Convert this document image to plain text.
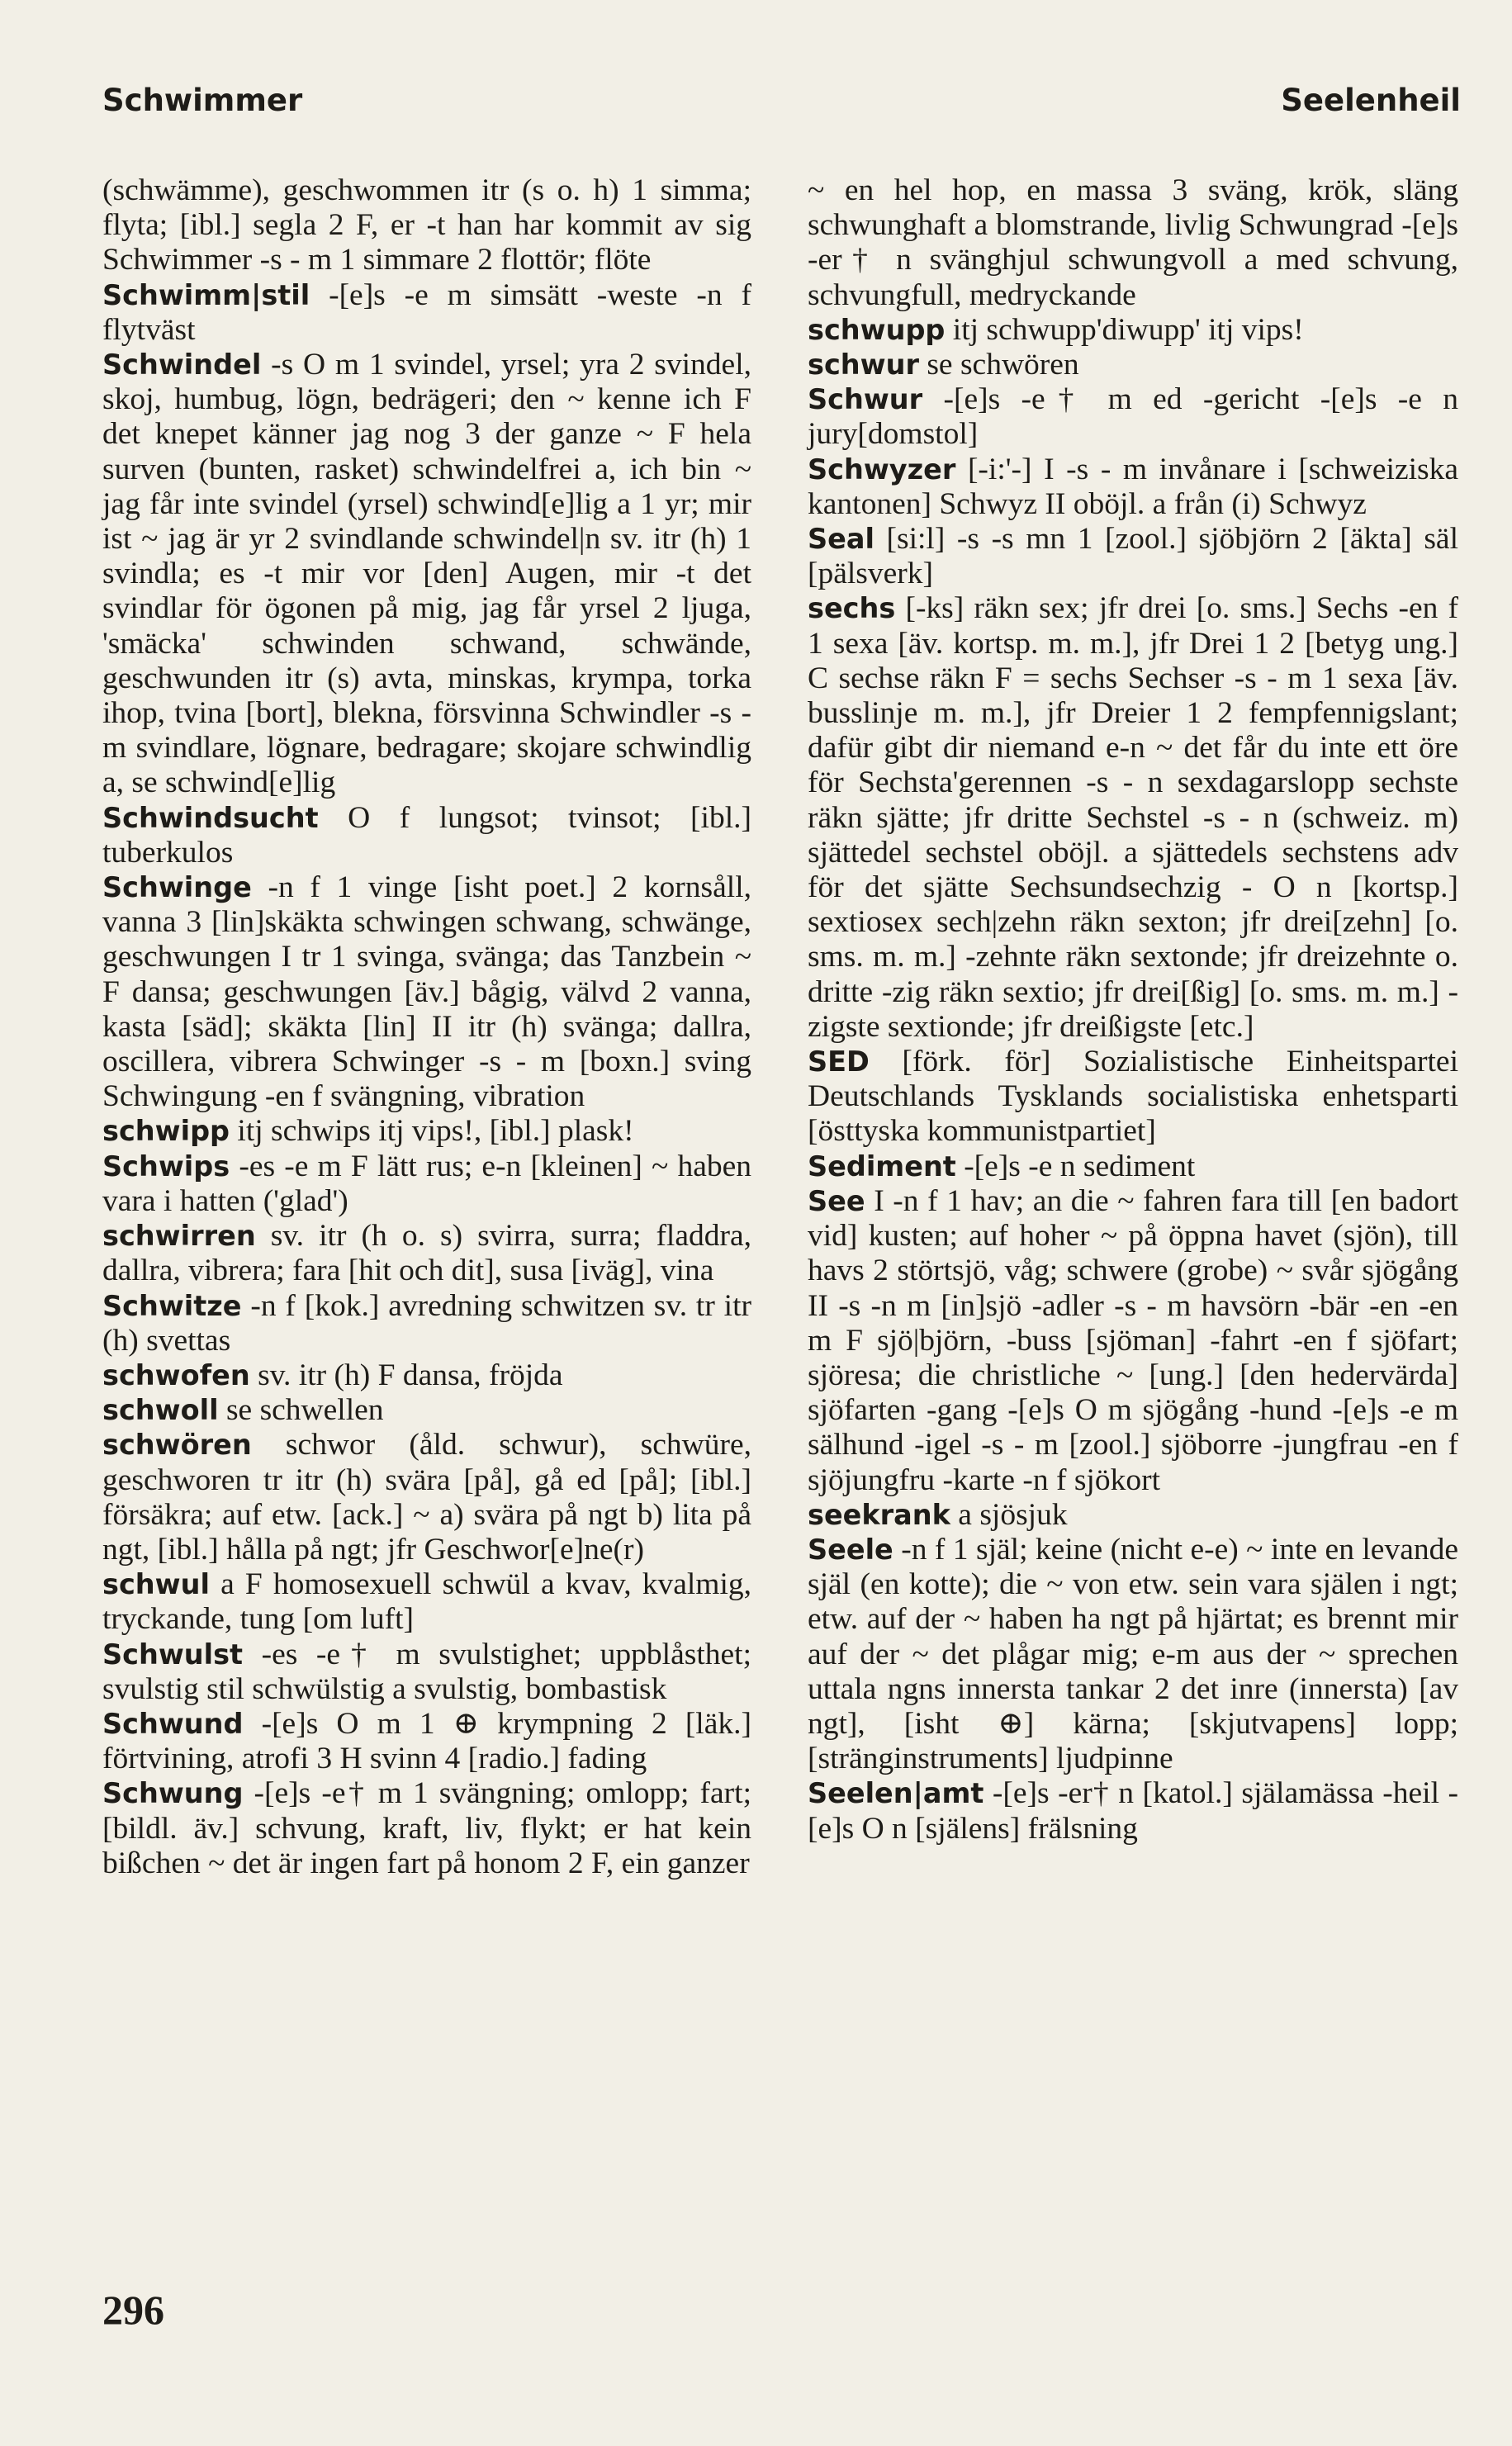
Schwimmer	Seelenheil

(schwämme), geschwommen itr (s o. h) 1 simma; flyta; [ibl.] segla 2 F, er -t han har kommit av sig Schwimmer -s - m 1 simmare 2 flottör; flöte

Schwimm|stil -[e]s -e m simsätt -weste -n f flytväst

Schwindel -s O m 1 svindel, yrsel; yra 2 svindel, skoj, humbug, lögn, bedrägeri; den ~ kenne ich F det knepet känner jag nog 3 der ganze ~ F hela surven (bunten, rasket) schwindelfrei a, ich bin ~ jag får inte svindel (yrsel) schwind[e]lig a 1 yr; mir ist ~ jag är yr 2 svindlande schwindel|n sv. itr (h) 1 svindla; es -t mir vor [den] Augen, mir -t det svindlar för ögonen på mig, jag får yrsel 2 ljuga, 'smäcka' schwinden schwand, schwände, geschwunden itr (s) avta, minskas, krympa, torka ihop, tvina [bort], blekna, försvinna Schwindler -s - m svindlare, lögnare, bedragare; skojare schwindlig a, se schwind[e]lig

Schwindsucht O f lungsot; tvinsot; [ibl.] tuberkulos

Schwinge -n f 1 vinge [isht poet.] 2 kornsåll, vanna 3 [lin]skäkta schwingen schwang, schwänge, geschwungen I tr 1 svinga, svänga; das Tanzbein ~ F dansa; geschwungen [äv.] bågig, välvd 2 vanna, kasta [säd]; skäkta [lin] II itr (h) svänga; dallra, oscillera, vibrera Schwinger -s - m [boxn.] sving Schwingung -en f svängning, vibration

schwipp itj schwips itj vips!, [ibl.] plask!

Schwips -es -e m F lätt rus; e-n [kleinen] ~ haben vara i hatten ('glad')

schwirren sv. itr (h o. s) svirra, surra; fladdra, dallra, vibrera; fara [hit och dit], susa [iväg], vina

Schwitze -n f [kok.] avredning schwitzen sv. tr itr (h) svettas

schwofen sv. itr (h) F dansa, fröjda

schwoll se schwellen

schwören schwor (åld. schwur), schwüre, geschworen tr itr (h) svära [på], gå ed [på]; [ibl.] försäkra; auf etw. [ack.] ~ a) svära på ngt b) lita på ngt, [ibl.] hålla på ngt; jfr Geschwor[e]ne(r)

schwul a F homosexuell schwül a kvav, kvalmig, tryckande, tung [om luft]

Schwulst -es -e† m svulstighet; uppblåsthet; svulstig stil schwülstig a svulstig, bombastisk

Schwund -[e]s O m 1 ⊕ krympning 2 [läk.] förtvining, atrofi 3 H svinn 4 [radio.] fading

Schwung -[e]s -e† m 1 svängning; omlopp; fart; [bildl. äv.] schvung, kraft, liv, flykt; er hat kein bißchen ~ det är ingen fart på honom 2 F, ein ganzer

~ en hel hop, en massa 3 sväng, krök, släng schwunghaft a blomstrande, livlig Schwungrad -[e]s -er† n svänghjul schwungvoll a med schvung, schvungfull, medryckande

schwupp itj schwupp'diwupp' itj vips!

schwur se schwören

Schwur -[e]s -e† m ed -gericht -[e]s -e n jury[domstol]

Schwyzer [-i:'-] I -s - m invånare i [schweiziska kantonen] Schwyz II oböjl. a från (i) Schwyz

Seal [si:l] -s -s mn 1 [zool.] sjöbjörn 2 [äkta] säl [pälsverk]

sechs [-ks] räkn sex; jfr drei [o. sms.] Sechs -en f 1 sexa [äv. kortsp. m. m.], jfr Drei 1 2 [betyg ung.] C sechse räkn F = sechs Sechser -s - m 1 sexa [äv. busslinje m. m.], jfr Dreier 1 2 fempfennigslant; dafür gibt dir niemand e-n ~ det får du inte ett öre för Sechsta'gerennen -s - n sexdagarslopp sechste räkn sjätte; jfr dritte Sechstel -s - n (schweiz. m) sjättedel sechstel oböjl. a sjättedels sechstens adv för det sjätte Sechsundsechzig - O n [kortsp.] sextiosex sech|zehn räkn sexton; jfr drei[zehn] [o. sms. m. m.] -zehnte räkn sextonde; jfr dreizehnte o. dritte -zig räkn sextio; jfr drei[ßig] [o. sms. m. m.] -zigste sextionde; jfr dreißigste [etc.]

SED [förk. för] Sozialistische Einheitspartei Deutschlands Tysklands socialistiska enhetsparti [östtyska kommunistpartiet]

Sediment -[e]s -e n sediment

See I -n f 1 hav; an die ~ fahren fara till [en badort vid] kusten; auf hoher ~ på öppna havet (sjön), till havs 2 störtsjö, våg; schwere (grobe) ~ svår sjögång II -s -n m [in]sjö -adler -s - m havsörn -bär -en -en m F sjö|björn, -buss [sjöman] -fahrt -en f sjöfart; sjöresa; die christliche ~ [ung.] [den hedervärda] sjöfarten -gang -[e]s O m sjögång -hund -[e]s -e m sälhund -igel -s - m [zool.] sjöborre -jungfrau -en f sjöjungfru -karte -n f sjökort

seekrank a sjösjuk

Seele -n f 1 själ; keine (nicht e-e) ~ inte en levande själ (en kotte); die ~ von etw. sein vara själen i ngt; etw. auf der ~ haben ha ngt på hjärtat; es brennt mir auf der ~ det plågar mig; e-m aus der ~ sprechen uttala ngns innersta tankar 2 det inre (innersta) [av ngt], [isht ⊕] kärna; [skjutvapens] lopp; [stränginstruments] ljudpinne

Seelen|amt -[e]s -er† n [katol.] själamässa -heil -[e]s O n [själens] frälsning

296
